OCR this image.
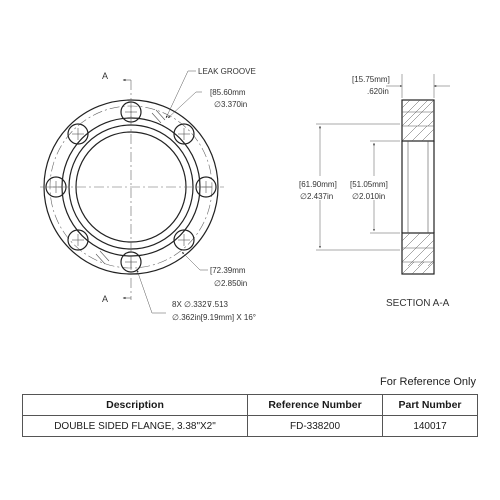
A
A
LEAK GROOVE
[85.60mm
∅3.370in
[72.39mm
∅2.850in
8X ∅.332⊽.513
∅.362in[9.19mm] X 16°
[15.75mm]
.620in
[61.90mm]
∅2.437in
[51.05mm]
∅2.010in
SECTION A-A
For Reference Only
Description	Reference Number	Part Number
DOUBLE SIDED FLANGE, 3.38"X2"	FD-338200	140017
